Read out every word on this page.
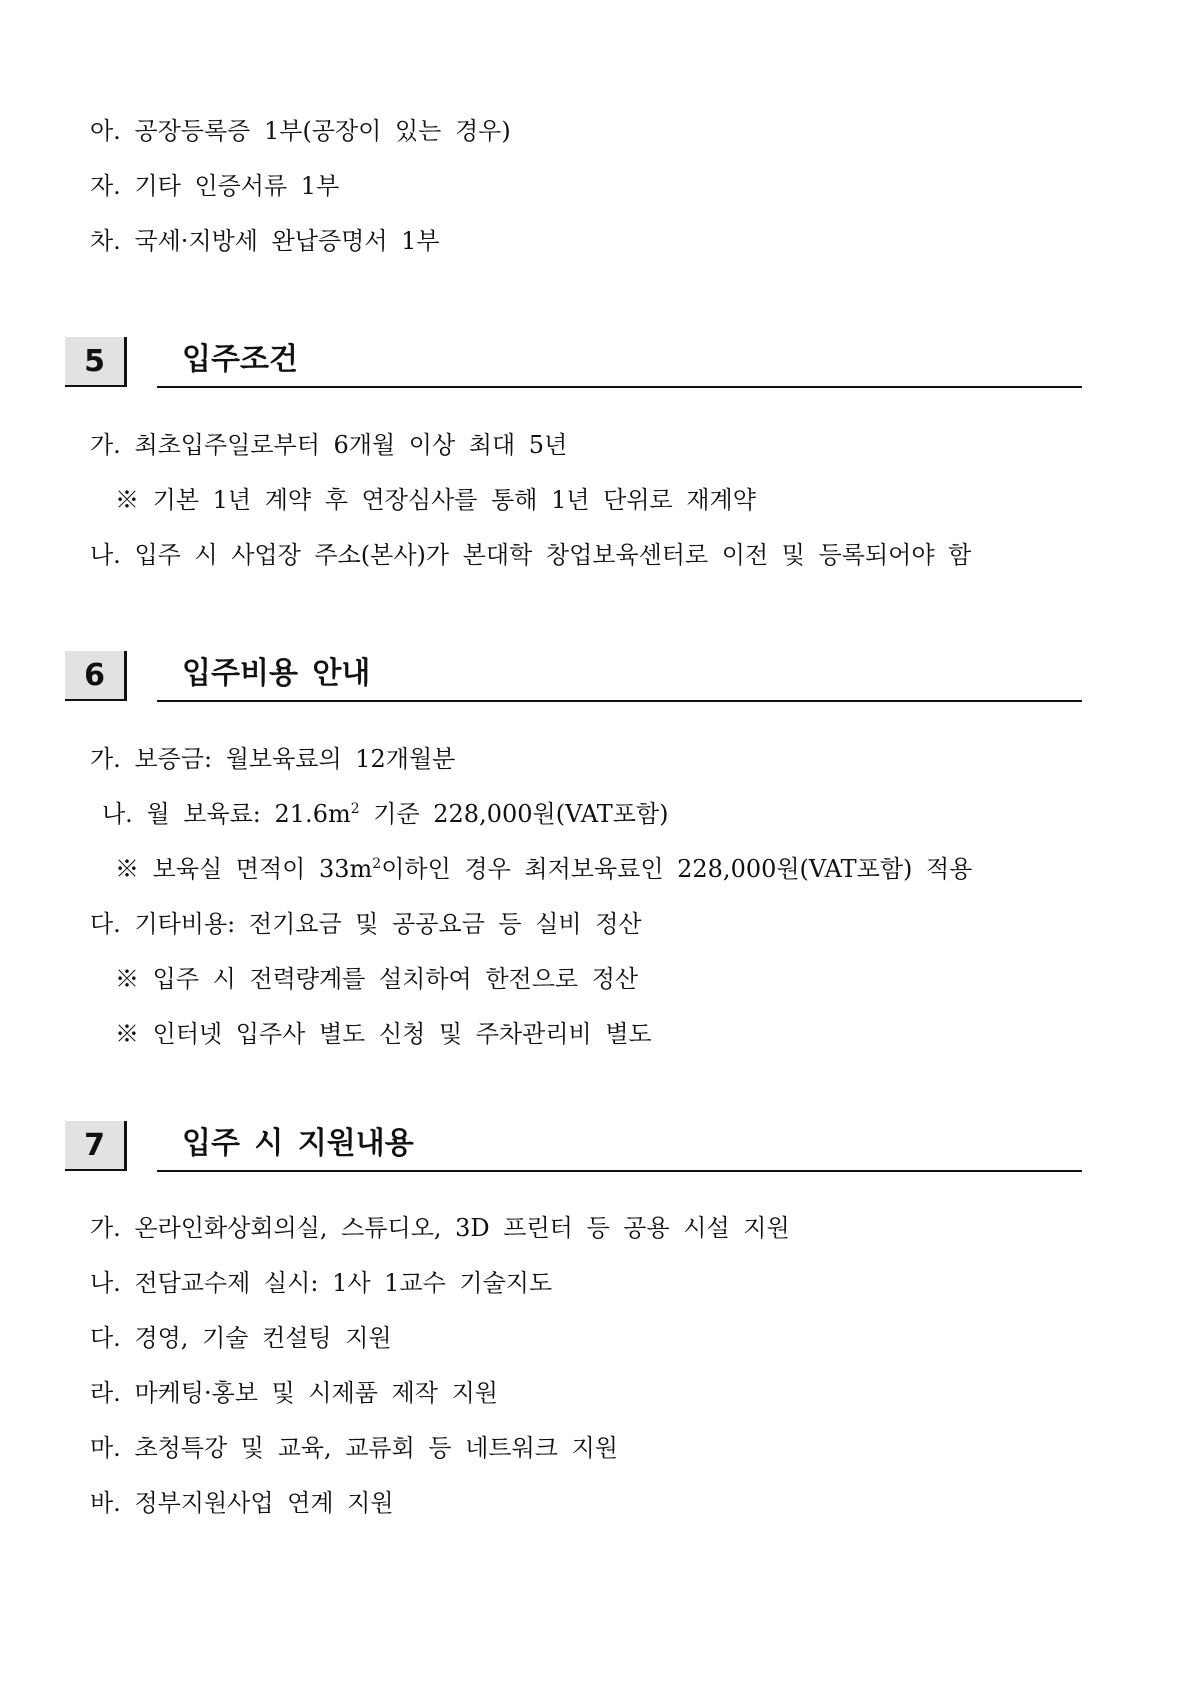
아. 공장등록증 1부(공장이 있는 경우)
자. 기타 인증서류 1부
차. 국세·지방세 완납증명서 1부
5	입주조건
가. 최초입주일로부터 6개월 이상 최대 5년
※ 기본 1년 계약 후 연장심사를 통해 1년 단위로 재계약
나. 입주 시 사업장 주소(본사)가 본대학 창업보육센터로 이전 및 등록되어야 함
6	입주비용 안내
가. 보증금: 월보육료의 12개월분
나. 월 보육료: $21.6m^2$ 기준 228,000원(VAT포함)
※ 보육실 면적이 $33m^2$이하인 경우 최저보육료인 228,000원(VAT포함) 적용
다. 기타비용: 전기요금 및 공공요금 등 실비 정산
※ 입주 시 전력량계를 설치하여 한전으로 정산
※ 인터넷 입주사 별도 신청 및 주차관리비 별도
7	입주 시 지원내용
가. 온라인화상회의실, 스튜디오, 3D 프린터 등 공용 시설 지원
나. 전담교수제 실시: 1사 1교수 기술지도
다. 경영, 기술 컨설팅 지원
라. 마케팅·홍보 및 시제품 제작 지원
마. 초청특강 및 교육, 교류회 등 네트워크 지원
바. 정부지원사업 연계 지원
